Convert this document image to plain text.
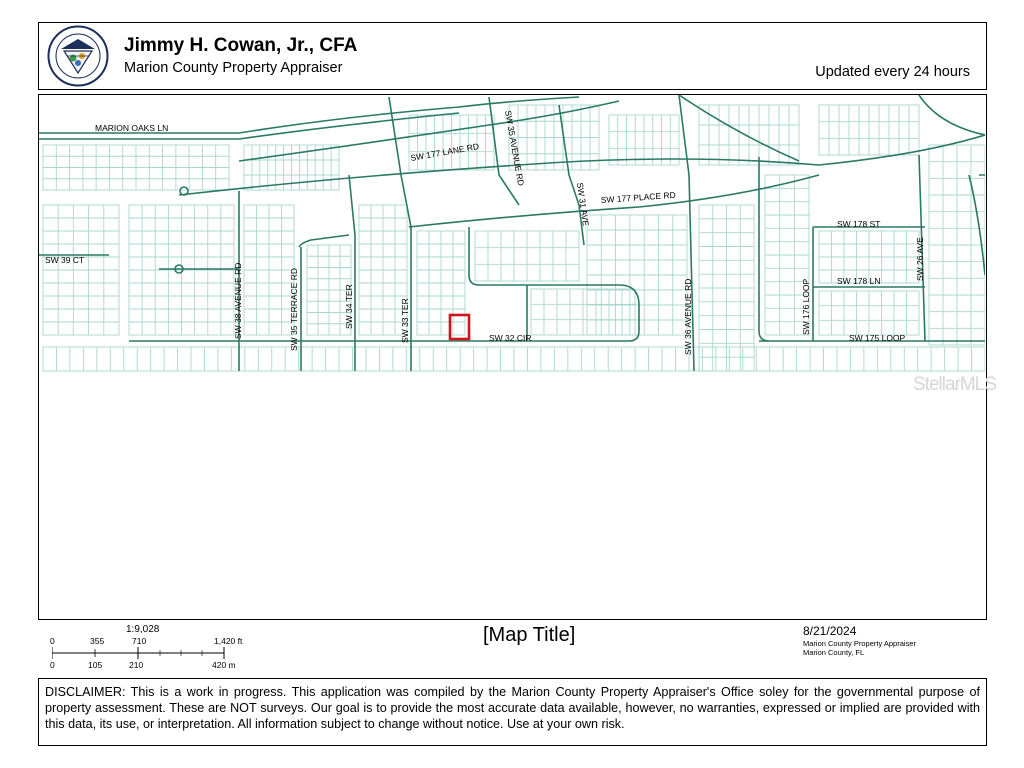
Jimmy H. Cowan, Jr., CFA
Marion County Property Appraiser	Updated every 24 hours
MARION OAKS LN
SW 177 LANE RD	SW 35 AVENUE RD
SW 31 AVE SW 177 PLACE RD
SW 178 ST
SW 26 AVE
SW 39 CT
SW 178 LN
SW 38 AVENUE RD	SW 35 TERRACE RD	SW 34 TER	SW 33 TER	SW 32 CIR	SW 36 AVENUE RD	SW 176 LOOP
SW 175 LOOP
StellarMLS
1:9,028
0	355	710	1,420 ft
0	105	210	420 m
[Map Title]	8/21/2024
Marion County Property Appraiser
Marion County, FL
DISCLAIMER: This is a work in progress. This application was compiled by the Marion County Property Appraiser's Office soley for the governmental purpose of property assessment. These are NOT surveys. Our goal is to provide the most accurate data available, however, no warranties, expressed or implied are provided with this data, its use, or interpretation. All information subject to change without notice. Use at your own risk.
